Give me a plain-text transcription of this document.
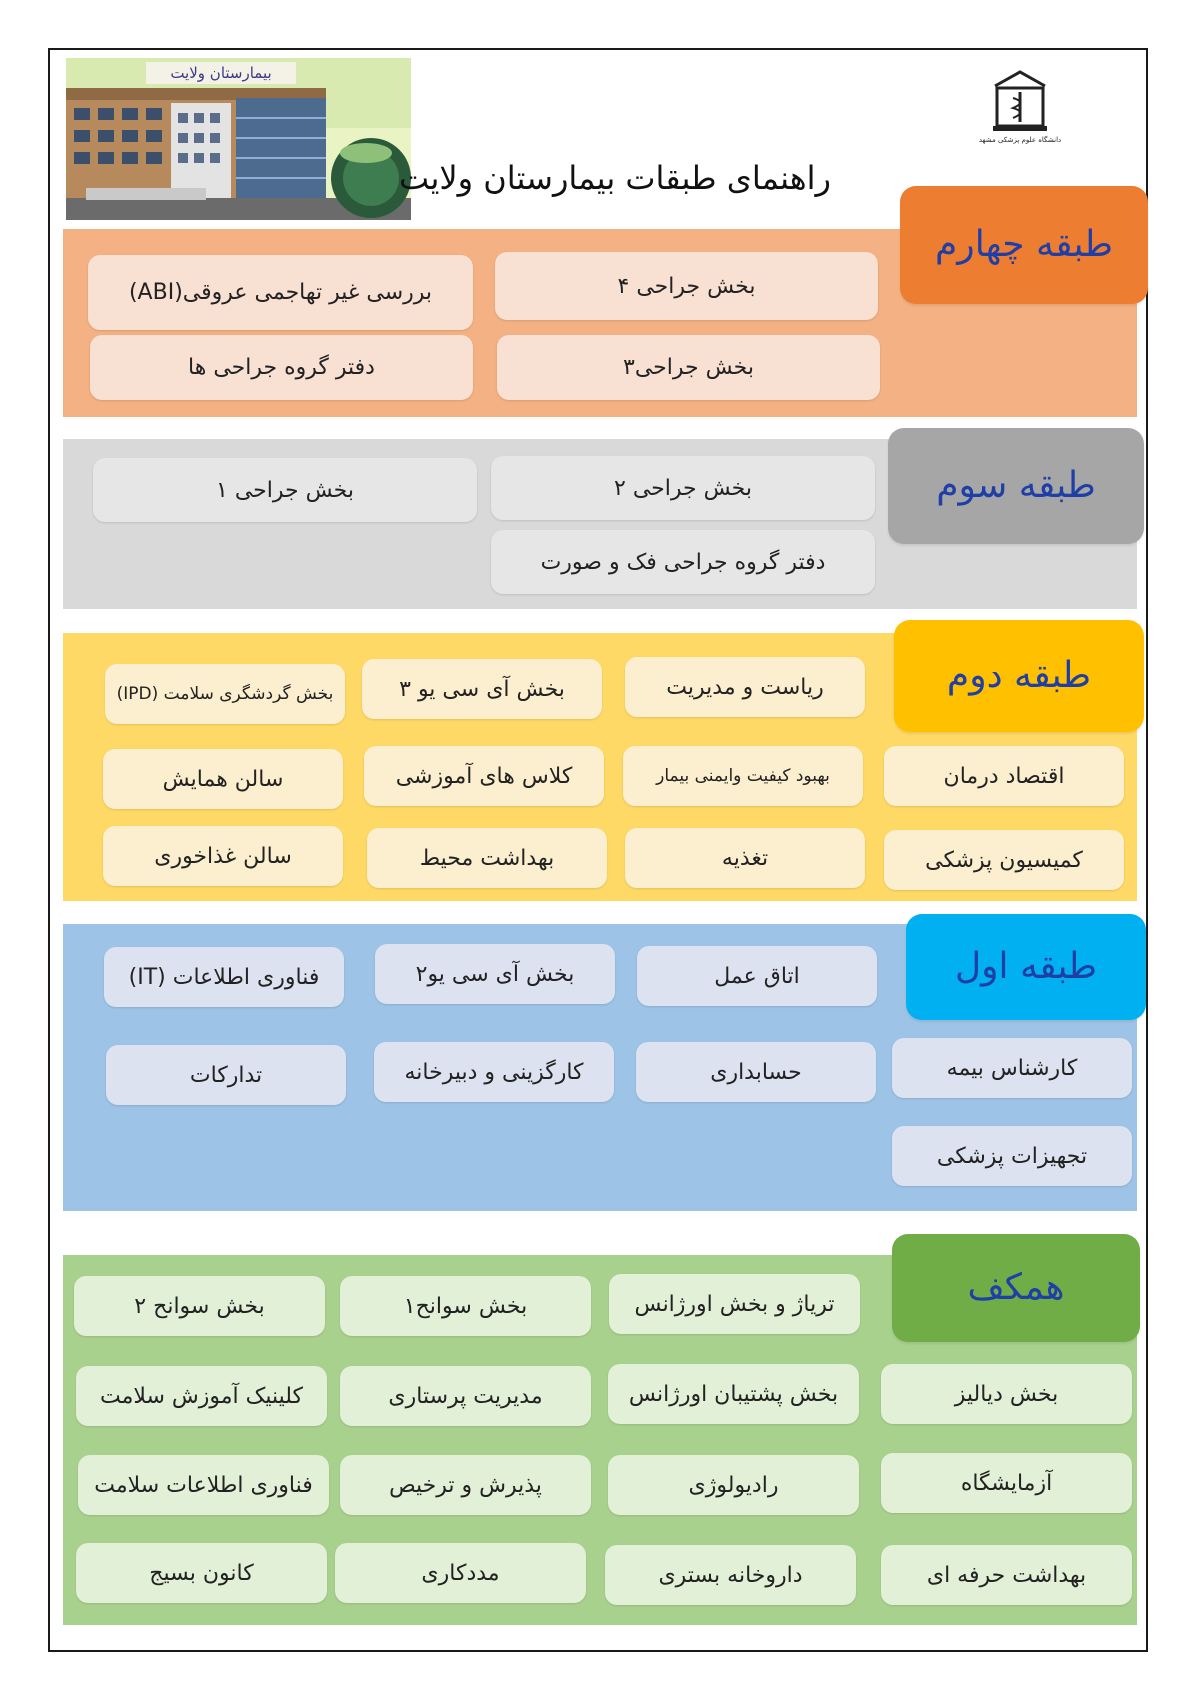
بیمارستان ولایت
دانشگاه علوم پزشکی مشهد
راهنمای طبقات بیمارستان ولایت
طبقه چهارم
بخش جراحی ۴
بررسی غیر تهاجمی عروقی(ABI)
بخش جراحی۳
دفتر گروه جراحی ها
طبقه سوم
بخش جراحی ۲
بخش جراحی ۱
دفتر گروه جراحی فک و صورت
طبقه دوم
ریاست و مدیریت
بخش آی سی یو ۳
بخش گردشگری سلامت (IPD)
اقتصاد درمان
بهبود کیفیت وایمنی بیمار
کلاس های آموزشی
سالن همایش
کمیسیون پزشکی
تغذیه
بهداشت محیط
سالن غذاخوری
طبقه اول
اتاق عمل
بخش آی سی یو۲
فناوری اطلاعات (IT)
کارشناس بیمه
حسابداری
کارگزینی و دبیرخانه
تدارکات
تجهیزات پزشکی
همکف
تریاژ و بخش اورژانس
بخش سوانح۱
بخش سوانح ۲
بخش دیالیز
بخش پشتیبان اورژانس
مدیریت پرستاری
کلینیک آموزش سلامت
آزمایشگاه
رادیولوژی
پذیرش و ترخیص
فناوری اطلاعات سلامت
بهداشت حرفه ای
داروخانه بستری
مددکاری
کانون بسیج
